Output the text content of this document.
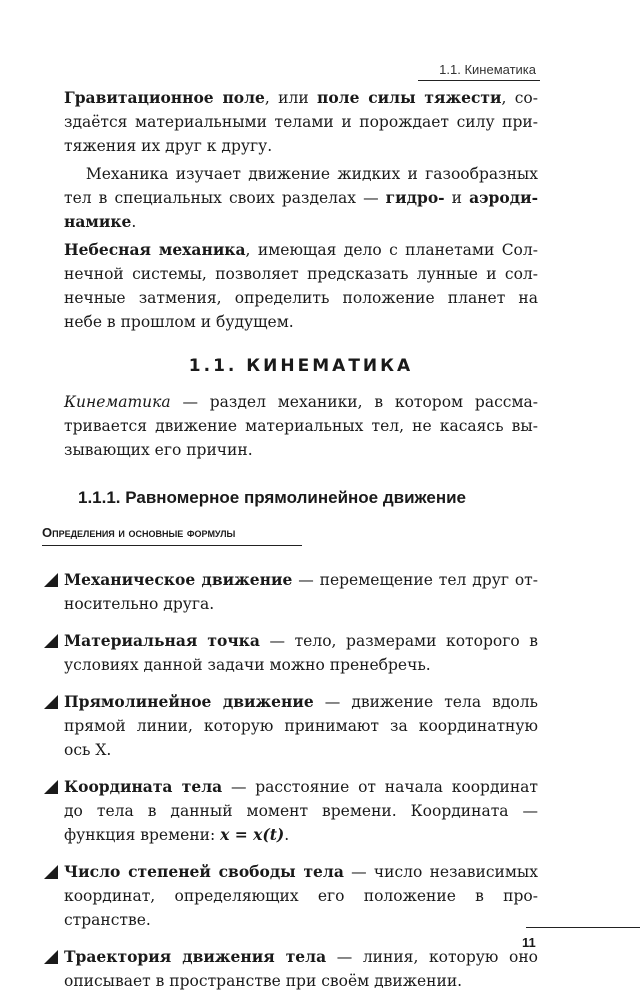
1.1. Кинематика

Гравитационное поле, или поле силы тяжести, создаётся материальными телами и порождает силу притяжения их друг к другу.

Механика изучает движение жидких и газообразных тел в специальных своих разделах — гидро- и аэродинамике.

Небесная механика, имеющая дело с планетами Солнечной системы, позволяет предсказать лунные и солнечные затмения, определить положение планет на небе в прошлом и будущем.

1.1. КИНЕМАТИКА

Кинематика — раздел механики, в котором рассматривается движение материальных тел, не касаясь вызывающих его причин.

1.1.1. Равномерное прямолинейное движение
Определения и основные формулы

Механическое движение — перемещение тел друг относительно друга.

Материальная точка — тело, размерами которого в условиях данной задачи можно пренебречь.

Прямолинейное движение — движение тела вдоль прямой линии, которую принимают за координатную ось X.

Координата тела — расстояние от начала координат до тела в данный момент времени. Координата — функция времени: x = x(t).

Число степеней свободы тела — число независимых координат, определяющих его положение в пространстве.

Траектория движения тела — линия, которую оно описывает в пространстве при своём движении.

11
